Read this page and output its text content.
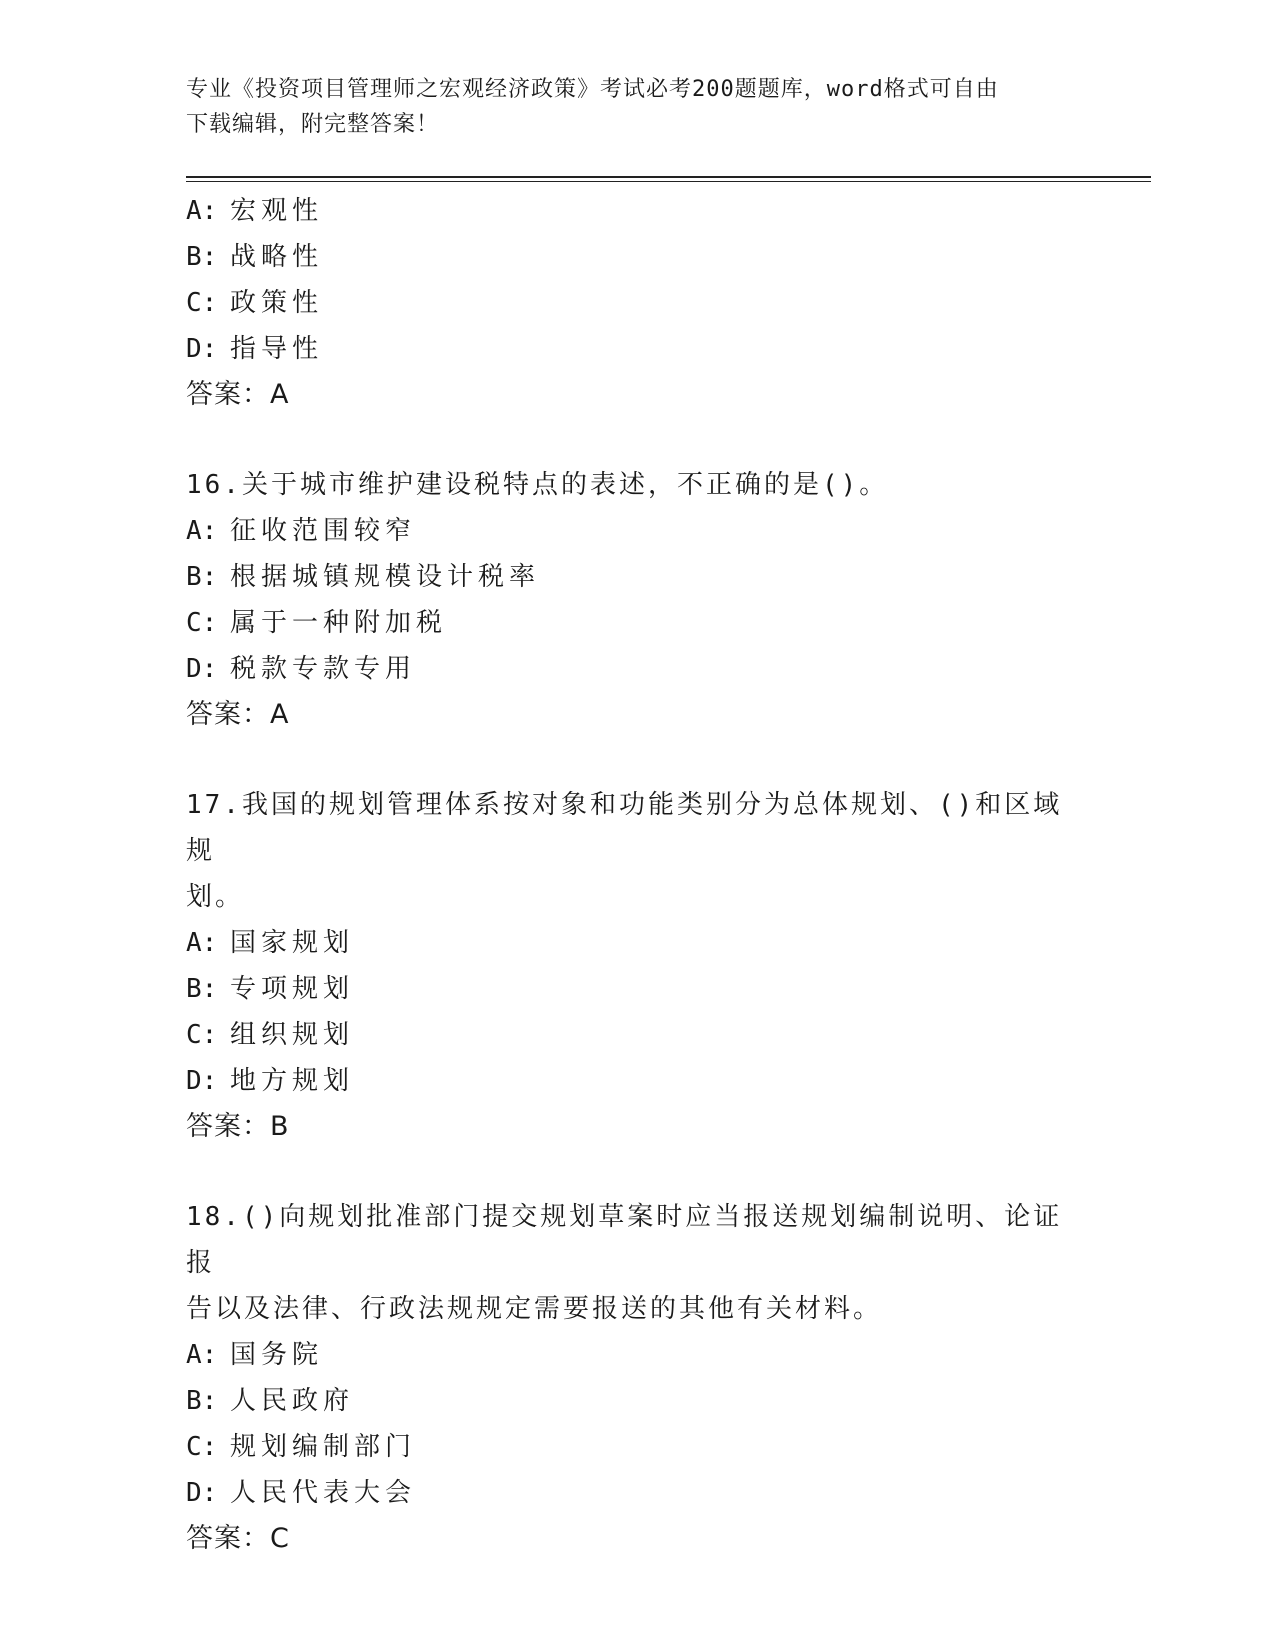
专业《投资项目管理师之宏观经济政策》考试必考200题题库，word格式可自由
下载编辑，附完整答案！
A: 宏观性
B: 战略性
C: 政策性
D: 指导性
答案：A
16.关于城市维护建设税特点的表述，不正确的是()。
A: 征收范围较窄
B: 根据城镇规模设计税率
C: 属于一种附加税
D: 税款专款专用
答案：A
17.我国的规划管理体系按对象和功能类别分为总体规划、()和区域规
划。
A: 国家规划
B: 专项规划
C: 组织规划
D: 地方规划
答案：B
18.()向规划批准部门提交规划草案时应当报送规划编制说明、论证报
告以及法律、行政法规规定需要报送的其他有关材料。
A: 国务院
B: 人民政府
C: 规划编制部门
D: 人民代表大会
答案：C
